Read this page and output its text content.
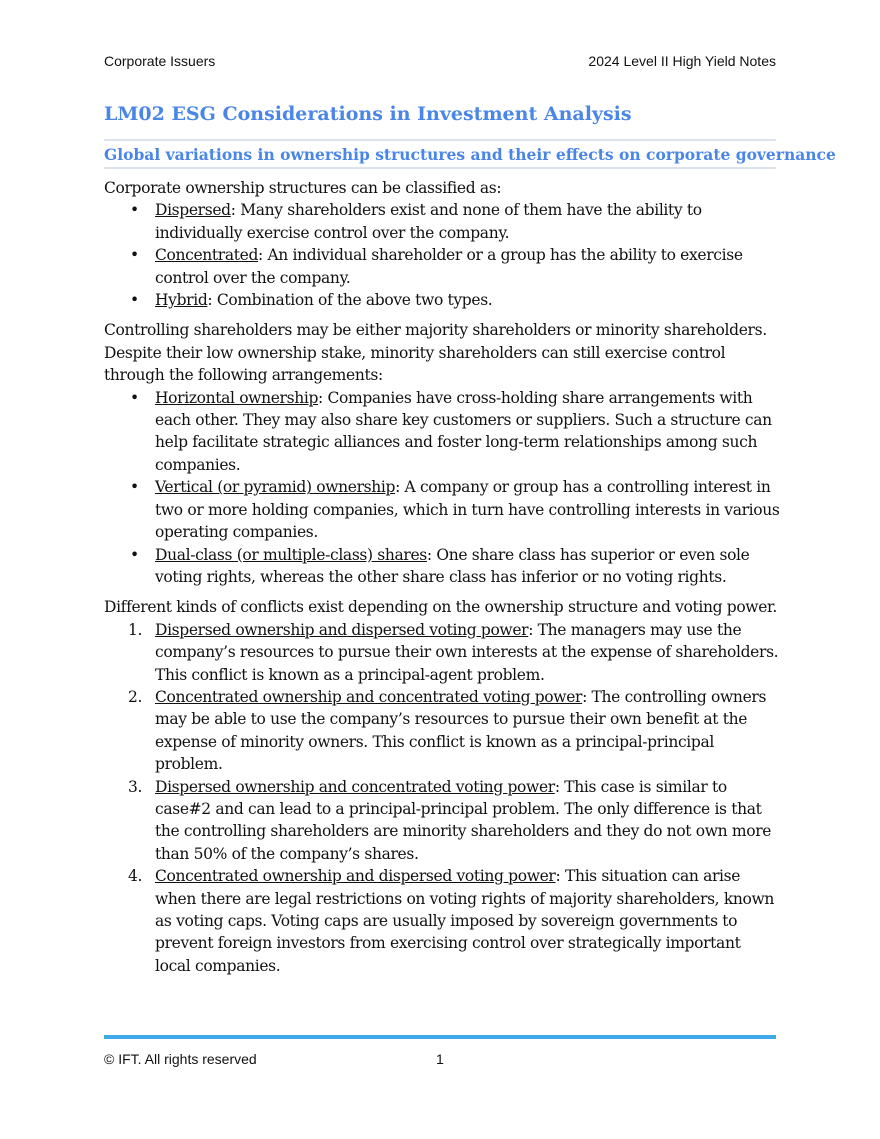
Corporate Issuers	2024 Level II High Yield Notes
LM02 ESG Considerations in Investment Analysis
Global variations in ownership structures and their effects on corporate governance

Corporate ownership structures can be classified as:

• Dispersed: Many shareholders exist and none of them have the ability to individually exercise control over the company.
• Concentrated: An individual shareholder or a group has the ability to exercise control over the company.
• Hybrid: Combination of the above two types.

Controlling shareholders may be either majority shareholders or minority shareholders. Despite their low ownership stake, minority shareholders can still exercise control through the following arrangements:

• Horizontal ownership: Companies have cross-holding share arrangements with each other. They may also share key customers or suppliers. Such a structure can help facilitate strategic alliances and foster long-term relationships among such companies.
• Vertical (or pyramid) ownership: A company or group has a controlling interest in two or more holding companies, which in turn have controlling interests in various operating companies.
• Dual-class (or multiple-class) shares: One share class has superior or even sole voting rights, whereas the other share class has inferior or no voting rights.

Different kinds of conflicts exist depending on the ownership structure and voting power.

1. Dispersed ownership and dispersed voting power: The managers may use the company’s resources to pursue their own interests at the expense of shareholders. This conflict is known as a principal-agent problem.
2. Concentrated ownership and concentrated voting power: The controlling owners may be able to use the company’s resources to pursue their own benefit at the expense of minority owners. This conflict is known as a principal-principal problem.
3. Dispersed ownership and concentrated voting power: This case is similar to case#2 and can lead to a principal-principal problem. The only difference is that the controlling shareholders are minority shareholders and they do not own more than 50% of the company’s shares.
4. Concentrated ownership and dispersed voting power: This situation can arise when there are legal restrictions on voting rights of majority shareholders, known as voting caps. Voting caps are usually imposed by sovereign governments to prevent foreign investors from exercising control over strategically important local companies.
© IFT. All rights reserved	1
